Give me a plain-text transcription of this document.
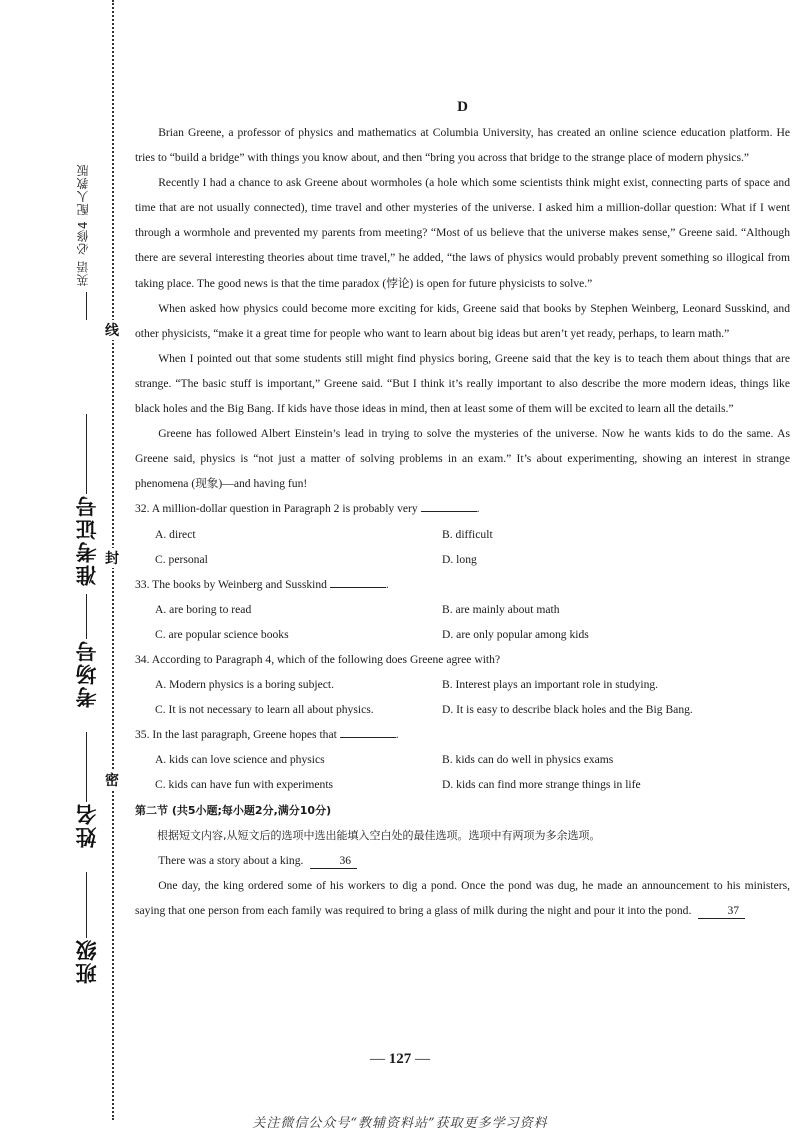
英语 必修4 配人教版
准考证号
考场号
姓名
班级
线
封
密
D

Brian Greene, a professor of physics and mathematics at Columbia University, has created an online science education platform. He tries to “build a bridge” with things you know about, and then “bring you across that bridge to the strange place of modern physics.”

Recently I had a chance to ask Greene about wormholes (a hole which some scientists think might exist, connecting parts of space and time that are not usually connected), time travel and other mysteries of the universe. I asked him a million-dollar question: What if I went through a wormhole and prevented my parents from meeting? “Most of us believe that the universe makes sense,” Greene said. “Although there are several interesting theories about time travel,” he added, “the laws of physics would probably prevent something so illogical from taking place. The good news is that the time paradox (悖论) is open for future physicists to solve.”

When asked how physics could become more exciting for kids, Greene said that books by Stephen Weinberg, Leonard Susskind, and other physicists, “make it a great time for people who want to learn about big ideas but aren’t yet ready, perhaps, to learn math.”

When I pointed out that some students still might find physics boring, Greene said that the key is to teach them about things that are strange. “The basic stuff is important,” Greene said. “But I think it’s really important to also describe the more modern ideas, things like black holes and the Big Bang. If kids have those ideas in mind, then at least some of them will be excited to learn all the details.”

Greene has followed Albert Einstein’s lead in trying to solve the mysteries of the universe. Now he wants kids to do the same. As Greene said, physics is “not just a matter of solving problems in an exam.” It’s about experimenting, showing an interest in strange phenomena (现象)—and having fun!

32. A million-dollar question in Paragraph 2 is probably very	.

A. direct	B. difficult
C. personal	D. long

33. The books by Weinberg and Susskind	.

A. are boring to read	B. are mainly about math
C. are popular science books	D. are only popular among kids

34. According to Paragraph 4, which of the following does Greene agree with?

A. Modern physics is a boring subject.	B. Interest plays an important role in studying.
C. It is not necessary to learn all about physics.	D. It is easy to describe black holes and the Big Bang.

35. In the last paragraph, Greene hopes that	.

A. kids can love science and physics	B. kids can do well in physics exams
C. kids can have fun with experiments	D. kids can find more strange things in life

第二节 (共5小题;每小题2分,满分10分)

根据短文内容,从短文后的选项中选出能填入空白处的最佳选项。选项中有两项为多余选项。

There was a story about a king.	36

One day, the king ordered some of his workers to dig a pond. Once the pond was dug, he made an announcement to his ministers, saying that one person from each family was required to bring a glass of milk during the night and pour it into the pond.	37

— 127 —
关注微信公众号“教辅资料站”获取更多学习资料
